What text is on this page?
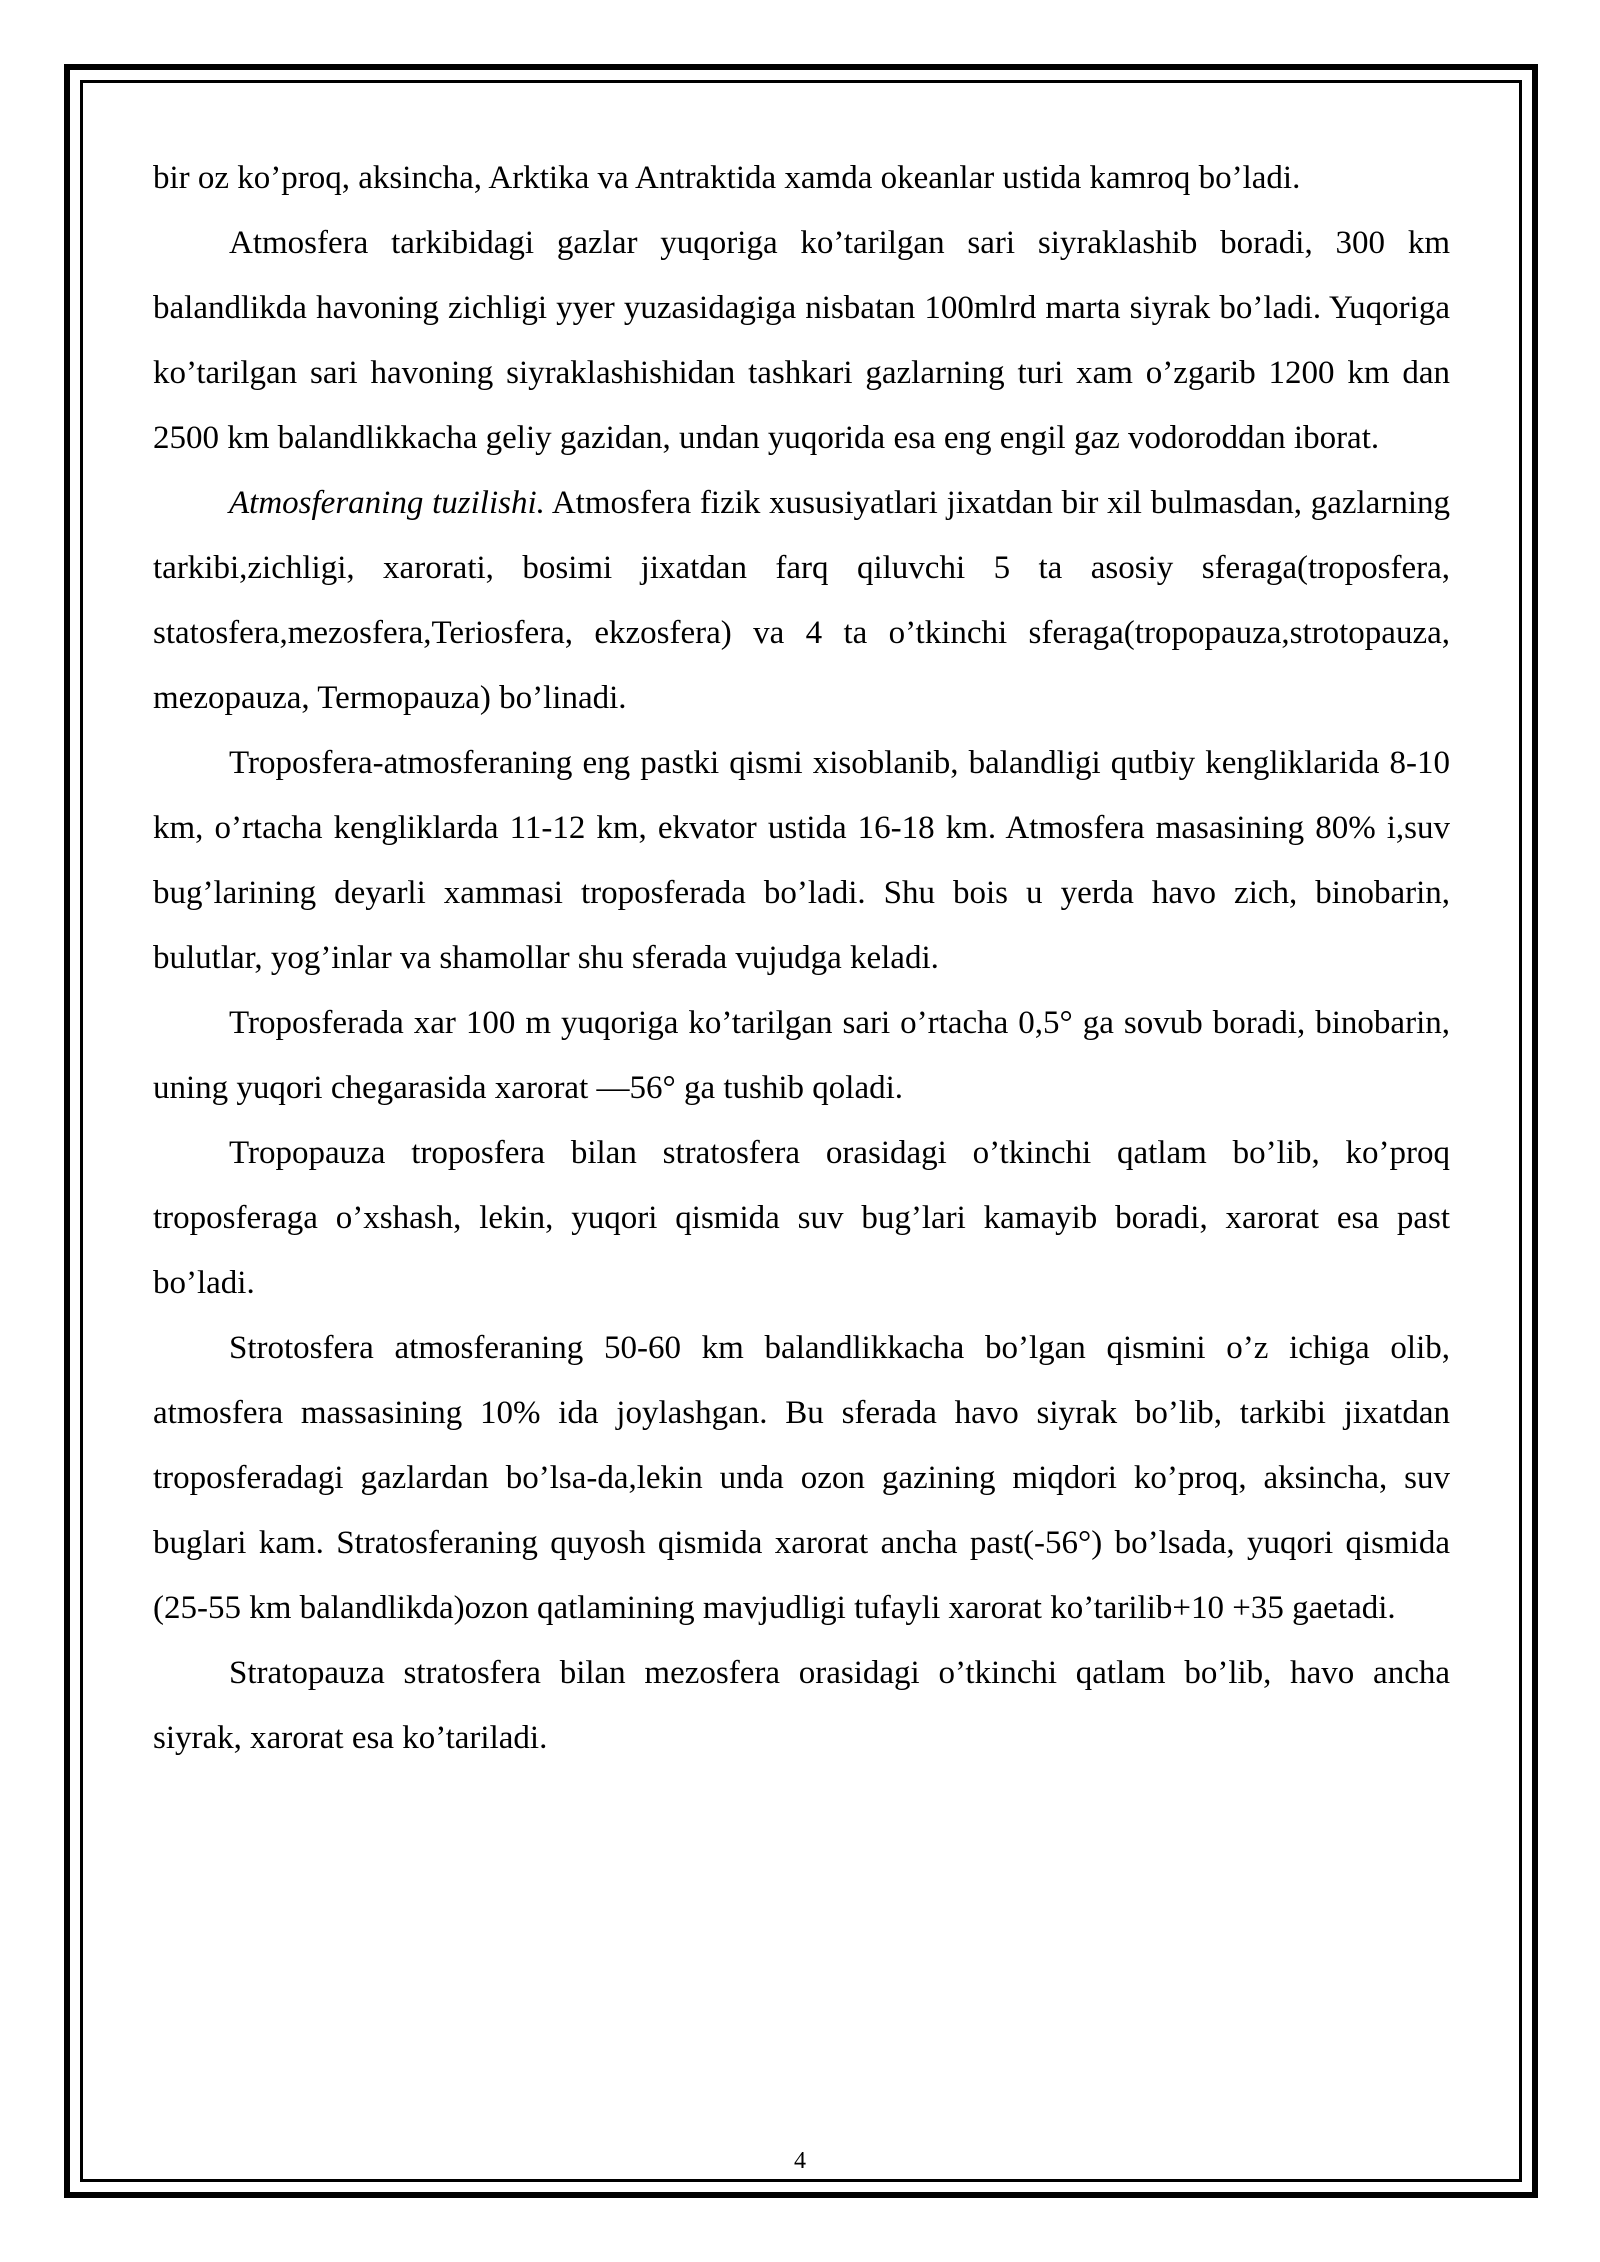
bir oz ko’proq, aksincha, Arktika va Antraktida xamda okeanlar ustida kamroq bo’ladi.

Atmosfera tarkibidagi gazlar yuqoriga ko’tarilgan sari siyraklashib boradi, 300 km balandlikda havoning zichligi yyer yuzasidagiga nisbatan 100mlrd marta siyrak bo’ladi. Yuqoriga ko’tarilgan sari havoning siyraklashishidan tashkari gazlarning turi xam o’zgarib 1200 km dan 2500 km balandlikkacha geliy gazidan, undan yuqorida esa eng engil gaz vodoroddan iborat.

Atmosferaning tuzilishi. Atmosfera fizik xususiyatlari jixatdan bir xil bulmasdan, gazlarning tarkibi,zichligi, xarorati, bosimi jixatdan farq qiluvchi 5 ta asosiy sferaga(troposfera, statosfera,mezosfera,Teriosfera, ekzosfera) va 4 ta o’tkinchi sferaga(tropopauza,strotopauza, mezopauza, Termopauza) bo’linadi.

Troposfera-atmosferaning eng pastki qismi xisoblanib, balandligi qutbiy kengliklarida 8-10 km, o’rtacha kengliklarda 11-12 km, ekvator ustida 16-18 km. Atmosfera masasining 80% i,suv bug’larining deyarli xammasi troposferada bo’ladi. Shu bois u yerda havo zich, binobarin, bulutlar, yog’inlar va shamollar shu sferada vujudga keladi.

Troposferada xar 100 m yuqoriga ko’tarilgan sari o’rtacha 0,5° ga sovub boradi, binobarin, uning yuqori chegarasida xarorat —56° ga tushib qoladi.

Tropopauza troposfera bilan stratosfera orasidagi o’tkinchi qatlam bo’lib, ko’proq troposferaga o’xshash, lekin, yuqori qismida suv bug’lari kamayib boradi, xarorat esa past bo’ladi.

Strotosfera atmosferaning 50-60 km balandlikkacha bo’lgan qismini o’z ichiga olib, atmosfera massasining 10% ida joylashgan. Bu sferada havo siyrak bo’lib, tarkibi jixatdan troposferadagi gazlardan bo’lsa-da,lekin unda ozon gazining miqdori ko’proq, aksincha, suv buglari kam. Stratosferaning quyosh qismida xarorat ancha past(-56°) bo’lsada, yuqori qismida (25-55 km balandlikda)ozon qatlamining mavjudligi tufayli xarorat ko’tarilib+10 +35 gaetadi.

Stratopauza stratosfera bilan mezosfera orasidagi o’tkinchi qatlam bo’lib, havo ancha siyrak, xarorat esa ko’tariladi.

4
